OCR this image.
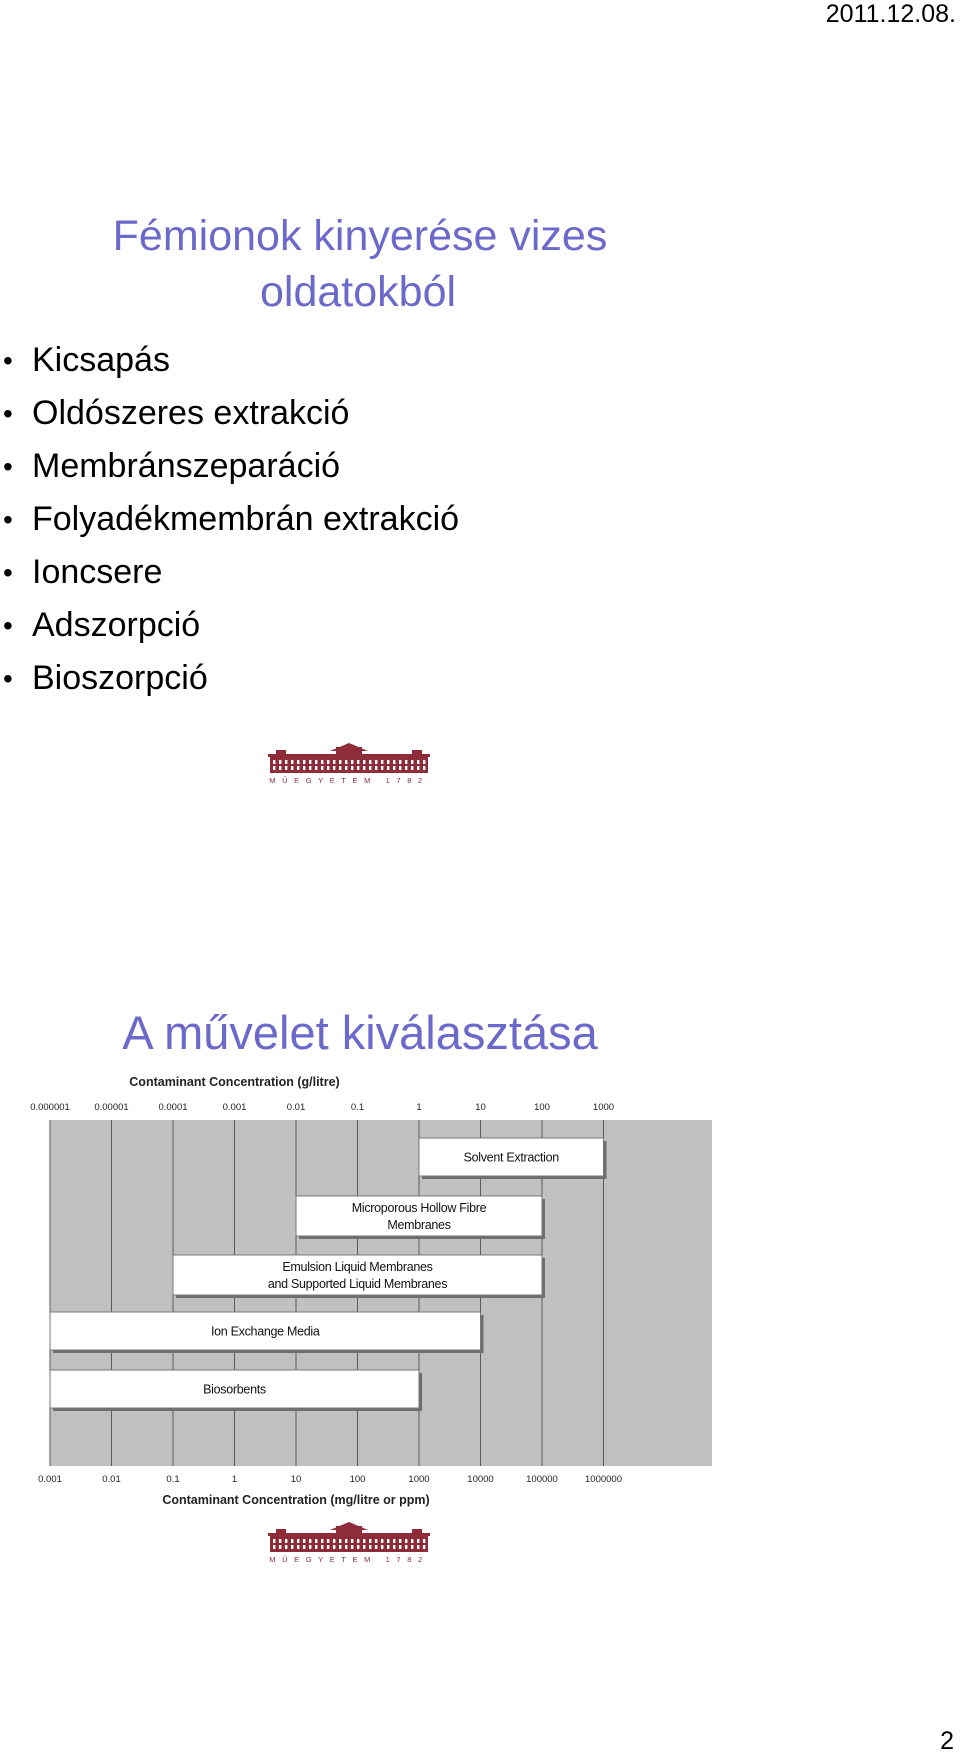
2011.12.08.
Fémionok kinyerése vizes
oldatokból
• Kicsapás
• Oldószeres extrakció
• Membránszeparáció
• Folyadékmembrán extrakció
• Ioncsere
• Adszorpció
• Bioszorpció
MŰEGYETEM 1782
A művelet kiválasztása
Contaminant Concentration (g/litre)
0.000001	0.00001	0.0001	0.001	0.01	0.1	1	10	100	1000
0.001	0.01	0.1	1	10	100	1000	10000	100000	1000000
Contaminant Concentration (mg/litre or ppm)
Solvent Extraction
Microporous Hollow Fibre
Membranes
Emulsion Liquid Membranes
and Supported Liquid Membranes
Ion Exchange Media
Biosorbents
MŰEGYETEM 1782
2
